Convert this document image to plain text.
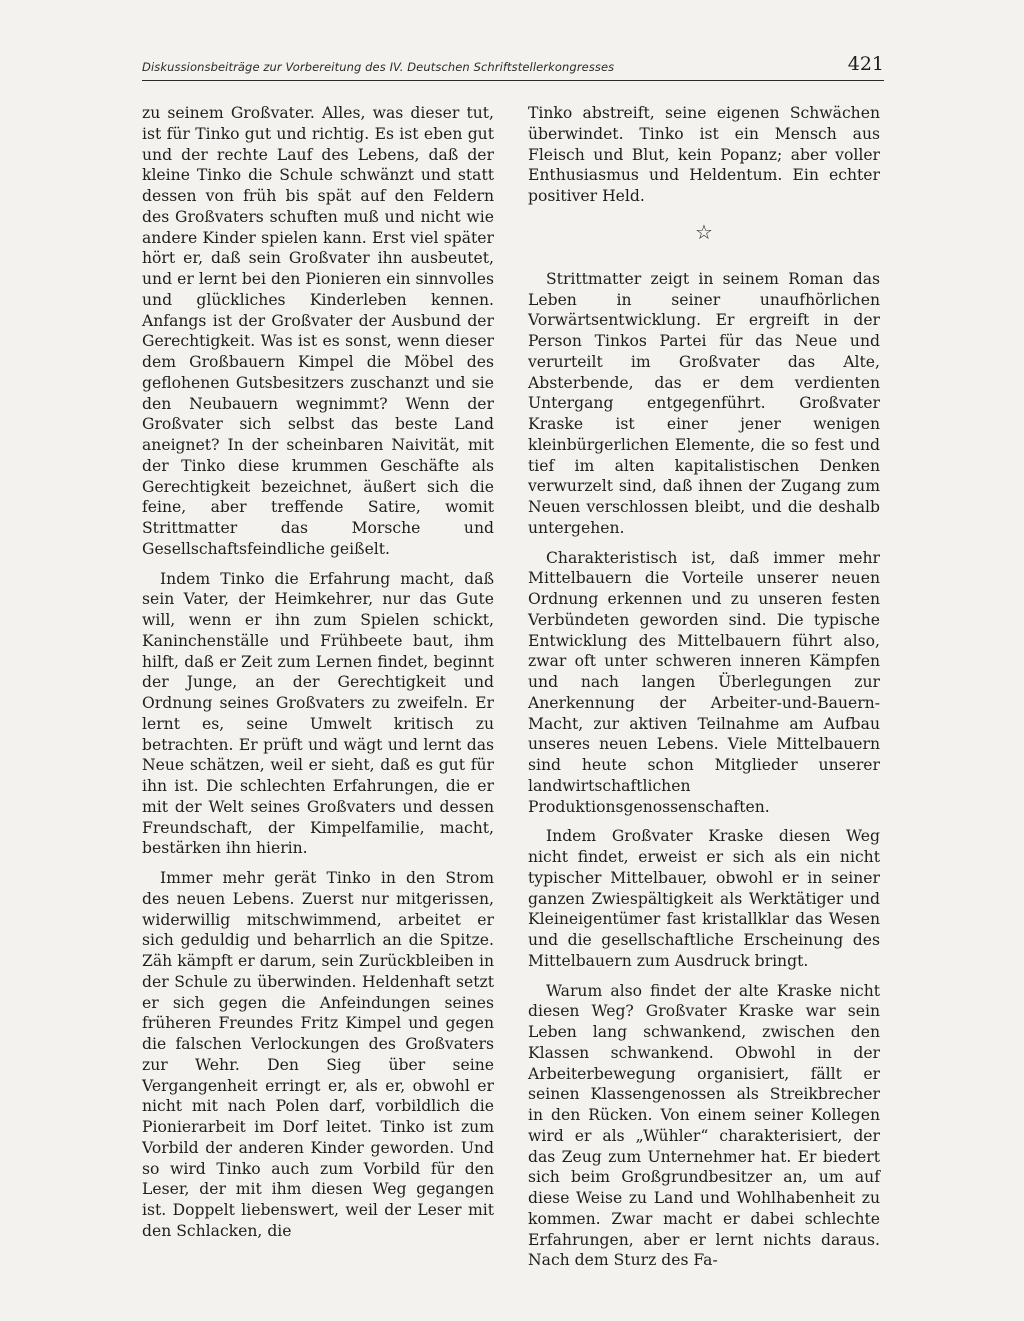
Diskussionsbeiträge zur Vorbereitung des IV. Deutschen Schriftstellerkongresses	421

zu seinem Großvater. Alles, was dieser tut, ist für Tinko gut und richtig. Es ist eben gut und der rechte Lauf des Lebens, daß der kleine Tinko die Schule schwänzt und statt dessen von früh bis spät auf den Feldern des Großvaters schuften muß und nicht wie andere Kinder spielen kann. Erst viel später hört er, daß sein Großvater ihn ausbeutet, und er lernt bei den Pionieren ein sinnvolles und glückliches Kinderleben kennen. Anfangs ist der Großvater der Ausbund der Gerechtigkeit. Was ist es sonst, wenn dieser dem Großbauern Kimpel die Möbel des geflohenen Gutsbesitzers zuschanzt und sie den Neubauern wegnimmt? Wenn der Großvater sich selbst das beste Land aneignet? In der scheinbaren Naivität, mit der Tinko diese krummen Geschäfte als Gerechtigkeit bezeichnet, äußert sich die feine, aber treffende Satire, womit Strittmatter das Morsche und Gesellschaftsfeindliche geißelt.

Indem Tinko die Erfahrung macht, daß sein Vater, der Heimkehrer, nur das Gute will, wenn er ihn zum Spielen schickt, Kaninchenställe und Frühbeete baut, ihm hilft, daß er Zeit zum Lernen findet, beginnt der Junge, an der Gerechtigkeit und Ordnung seines Großvaters zu zweifeln. Er lernt es, seine Umwelt kritisch zu betrachten. Er prüft und wägt und lernt das Neue schätzen, weil er sieht, daß es gut für ihn ist. Die schlechten Erfahrungen, die er mit der Welt seines Großvaters und dessen Freundschaft, der Kimpelfamilie, macht, bestärken ihn hierin.

Immer mehr gerät Tinko in den Strom des neuen Lebens. Zuerst nur mitgerissen, widerwillig mitschwimmend, arbeitet er sich geduldig und beharrlich an die Spitze. Zäh kämpft er darum, sein Zurückbleiben in der Schule zu überwinden. Heldenhaft setzt er sich gegen die Anfeindungen seines früheren Freundes Fritz Kimpel und gegen die falschen Verlockungen des Großvaters zur Wehr. Den Sieg über seine Vergangenheit erringt er, als er, obwohl er nicht mit nach Polen darf, vorbildlich die Pionierarbeit im Dorf leitet. Tinko ist zum Vorbild der anderen Kinder geworden. Und so wird Tinko auch zum Vorbild für den Leser, der mit ihm diesen Weg gegangen ist. Doppelt liebenswert, weil der Leser mit den Schlacken, die

Tinko abstreift, seine eigenen Schwächen überwindet. Tinko ist ein Mensch aus Fleisch und Blut, kein Popanz; aber voller Enthusiasmus und Heldentum. Ein echter positiver Held.

☆

Strittmatter zeigt in seinem Roman das Leben in seiner unaufhörlichen Vorwärtsentwicklung. Er ergreift in der Person Tinkos Partei für das Neue und verurteilt im Großvater das Alte, Absterbende, das er dem verdienten Untergang entgegenführt. Großvater Kraske ist einer jener wenigen kleinbürgerlichen Elemente, die so fest und tief im alten kapitalistischen Denken verwurzelt sind, daß ihnen der Zugang zum Neuen verschlossen bleibt, und die deshalb untergehen.

Charakteristisch ist, daß immer mehr Mittelbauern die Vorteile unserer neuen Ordnung erkennen und zu unseren festen Verbündeten geworden sind. Die typische Entwicklung des Mittelbauern führt also, zwar oft unter schweren inneren Kämpfen und nach langen Überlegungen zur Anerkennung der Arbeiter-und-Bauern-Macht, zur aktiven Teilnahme am Aufbau unseres neuen Lebens. Viele Mittelbauern sind heute schon Mitglieder unserer landwirtschaftlichen Produktionsgenossenschaften.

Indem Großvater Kraske diesen Weg nicht findet, erweist er sich als ein nicht typischer Mittelbauer, obwohl er in seiner ganzen Zwiespältigkeit als Werktätiger und Kleineigentümer fast kristallklar das Wesen und die gesellschaftliche Erscheinung des Mittelbauern zum Ausdruck bringt.

Warum also findet der alte Kraske nicht diesen Weg? Großvater Kraske war sein Leben lang schwankend, zwischen den Klassen schwankend. Obwohl in der Arbeiterbewegung organisiert, fällt er seinen Klassengenossen als Streikbrecher in den Rücken. Von einem seiner Kollegen wird er als „Wühler“ charakterisiert, der das Zeug zum Unternehmer hat. Er biedert sich beim Großgrundbesitzer an, um auf diese Weise zu Land und Wohlhabenheit zu kommen. Zwar macht er dabei schlechte Erfahrungen, aber er lernt nichts daraus. Nach dem Sturz des Fa-
